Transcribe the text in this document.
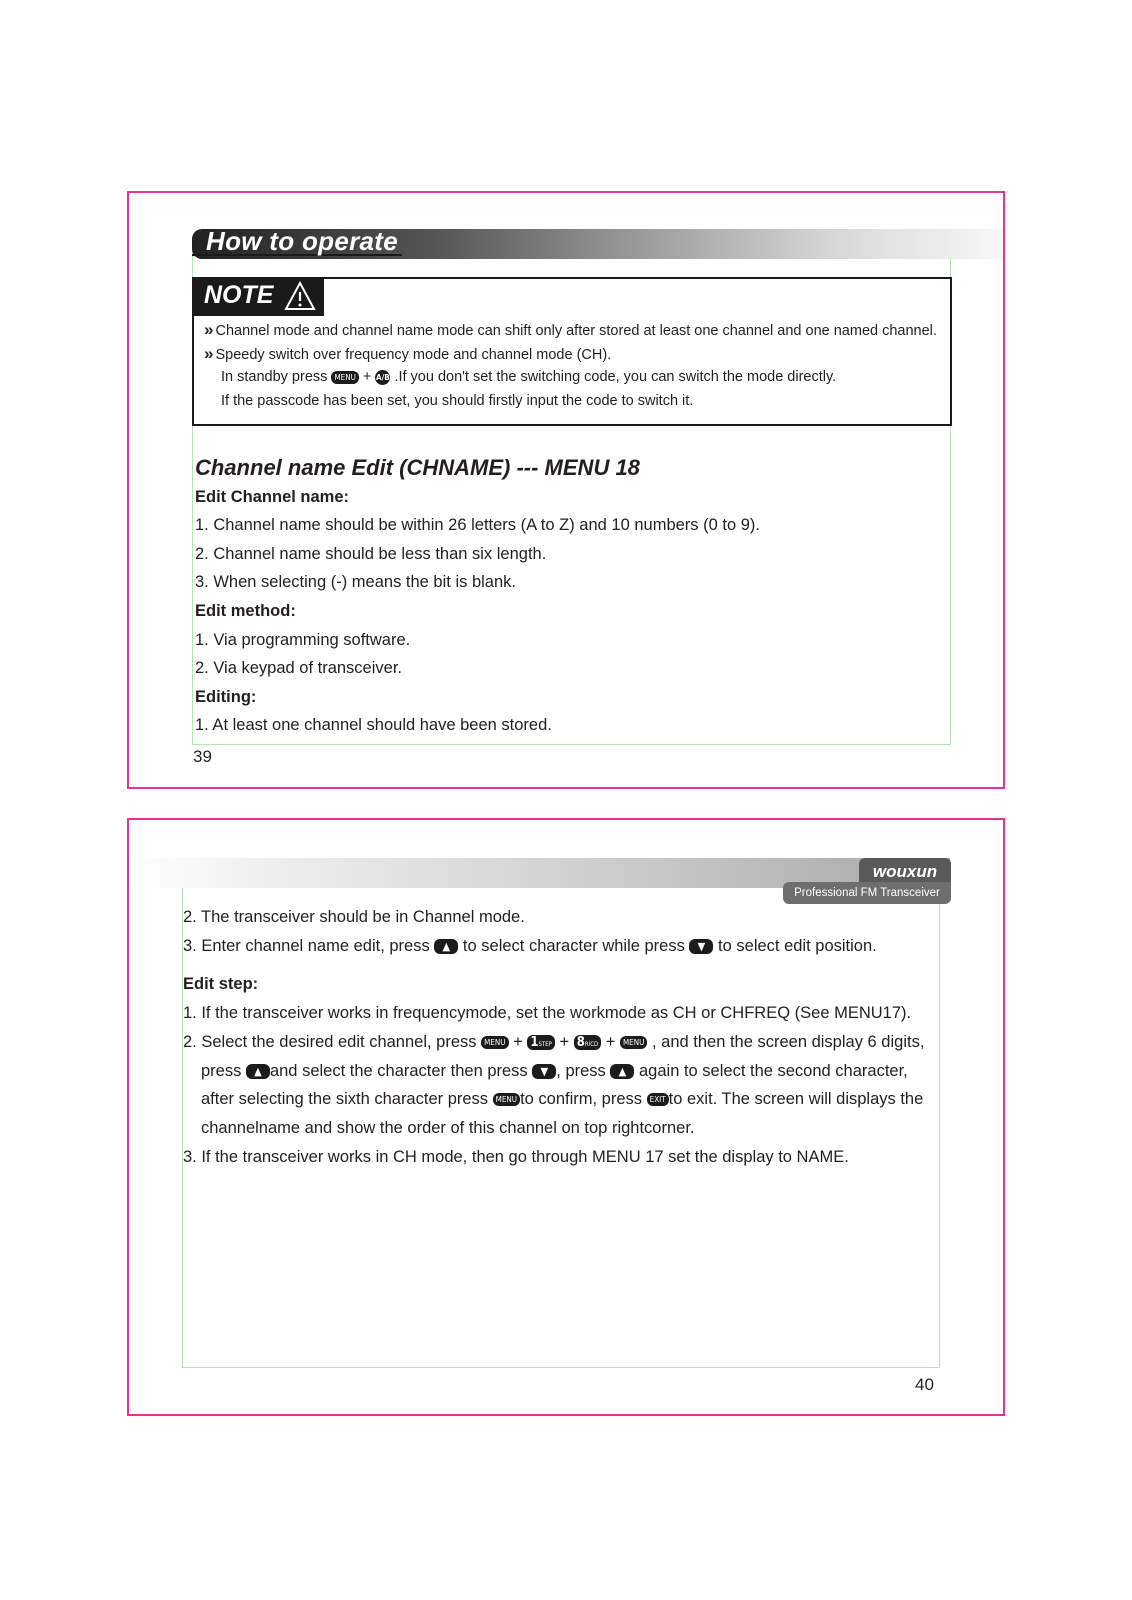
How to operate
NOTE
» Channel mode and channel name mode can shift only after stored at least one channel and one named channel.
» Speedy switch over frequency mode and channel mode (CH).
In standby press MENU + A/B .If you don't set the switching code, you can switch the mode directly.
If the passcode has been set, you should firstly input the code to switch it.
Channel name Edit (CHNAME) --- MENU 18
Edit Channel name:
1. Channel name should be within 26 letters (A to Z) and 10 numbers (0 to 9).
2. Channel name should be less than six length.
3. When selecting (-) means the bit is blank.
Edit method:
1. Via programming software.
2. Via keypad of transceiver.
Editing:
1. At least one channel should have been stored.
39
wouxun
Professional FM Transceiver
2. The transceiver should be in Channel mode.
3. Enter channel name edit, press ▲ to select character while press ▼ to select edit position.
Edit step:
1. If the transceiver works in frequencymode, set the workmode as CH or CHFREQ (See MENU17).
2. Select the desired edit channel, press MENU + 1STEP + 8RICD + MENU , and then the screen display 6 digits,
press ▲ and select the character then press ▼ , press ▲ again to select the second character,
after selecting the sixth character press MENU to confirm, press EXIT to exit. The screen will displays the
channelname and show the order of this channel on top rightcorner.
3. If the transceiver works in CH mode, then go through MENU 17 set the display to NAME.
40
